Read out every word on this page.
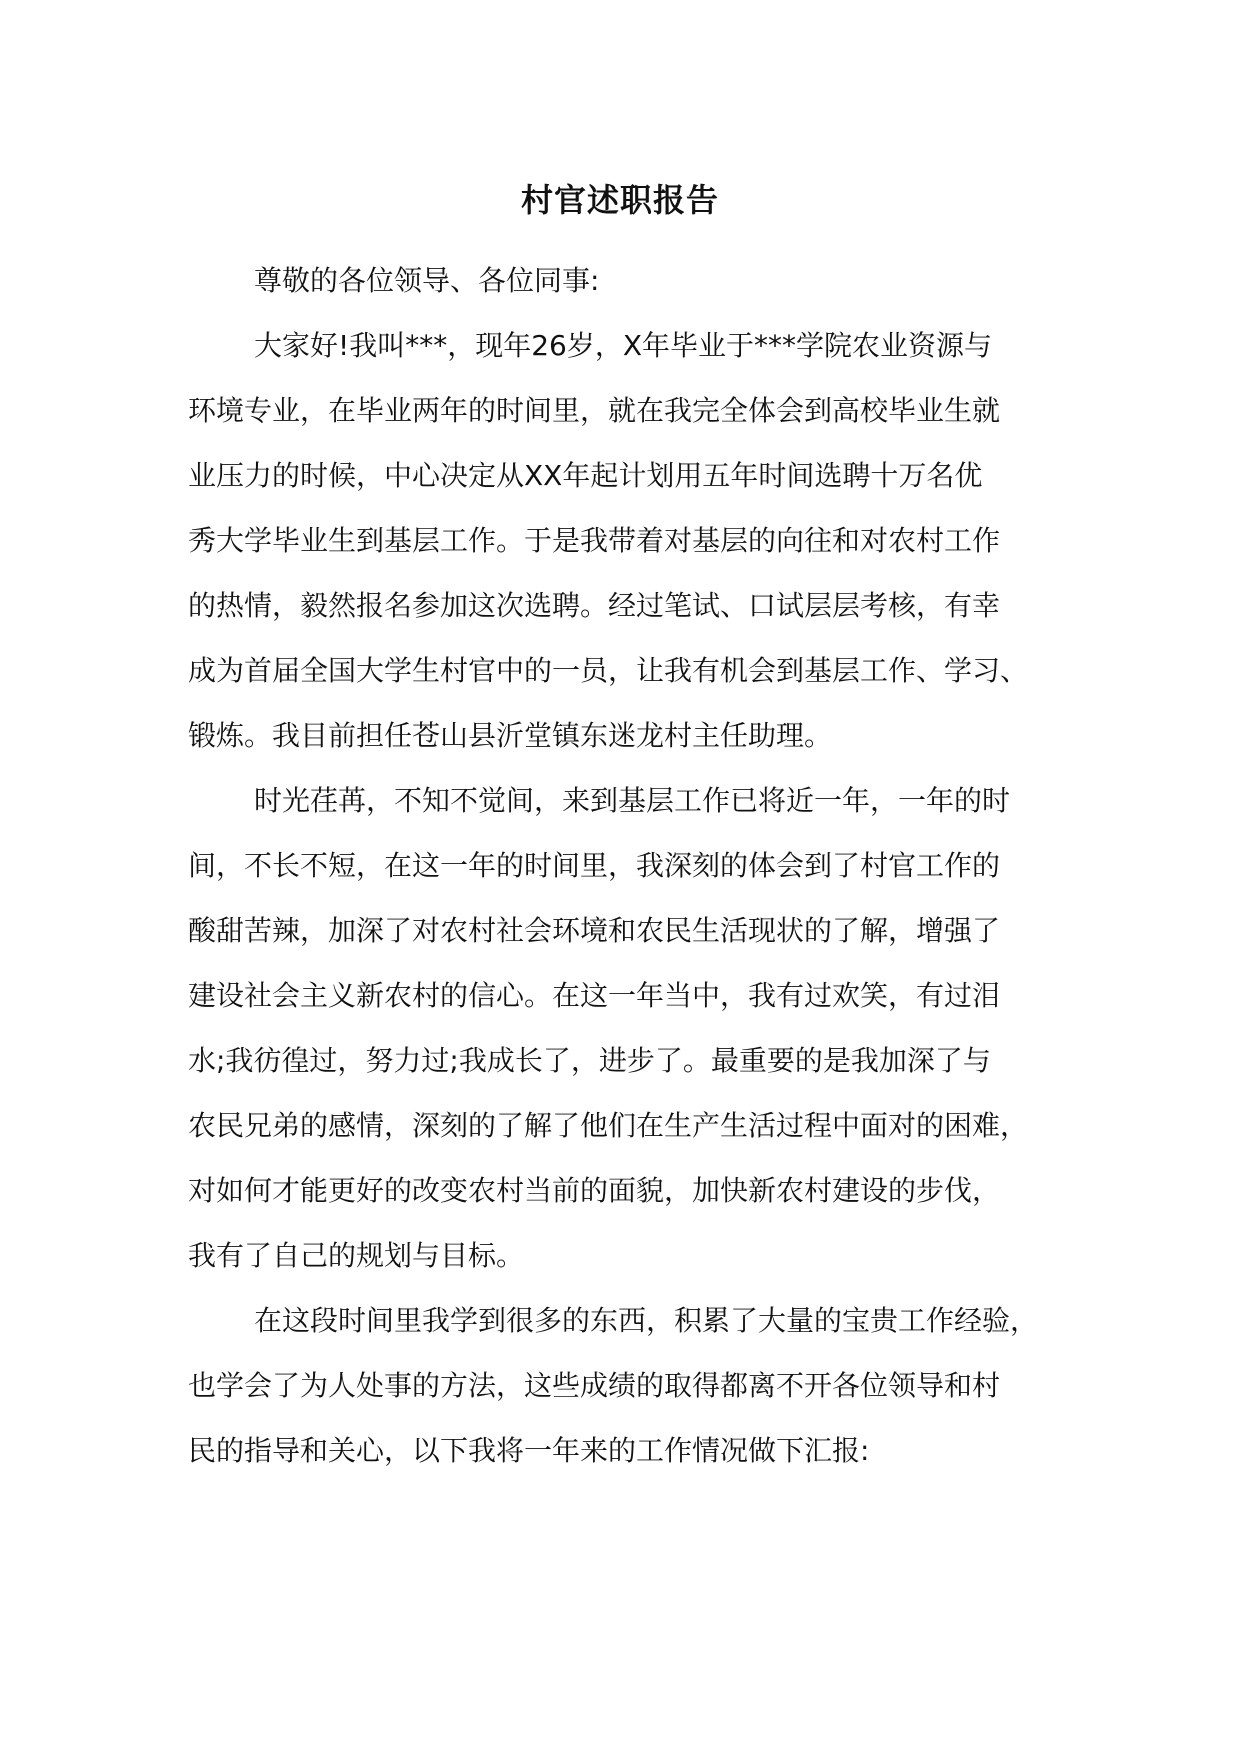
村官述职报告
尊敬的各位领导、各位同事:
大家好!我叫***，现年26岁，X年毕业于***学院农业资源与
环境专业，在毕业两年的时间里，就在我完全体会到高校毕业生就
业压力的时候，中心决定从XX年起计划用五年时间选聘十万名优
秀大学毕业生到基层工作。于是我带着对基层的向往和对农村工作
的热情，毅然报名参加这次选聘。经过笔试、口试层层考核，有幸
成为首届全国大学生村官中的一员，让我有机会到基层工作、学习、
锻炼。我目前担任苍山县沂堂镇东迷龙村主任助理。
时光荏苒，不知不觉间，来到基层工作已将近一年，一年的时
间，不长不短，在这一年的时间里，我深刻的体会到了村官工作的
酸甜苦辣，加深了对农村社会环境和农民生活现状的了解，增强了
建设社会主义新农村的信心。在这一年当中，我有过欢笑，有过泪
水;我彷徨过，努力过;我成长了，进步了。最重要的是我加深了与
农民兄弟的感情，深刻的了解了他们在生产生活过程中面对的困难，
对如何才能更好的改变农村当前的面貌，加快新农村建设的步伐，
我有了自己的规划与目标。
在这段时间里我学到很多的东西，积累了大量的宝贵工作经验，
也学会了为人处事的方法，这些成绩的取得都离不开各位领导和村
民的指导和关心，以下我将一年来的工作情况做下汇报:
